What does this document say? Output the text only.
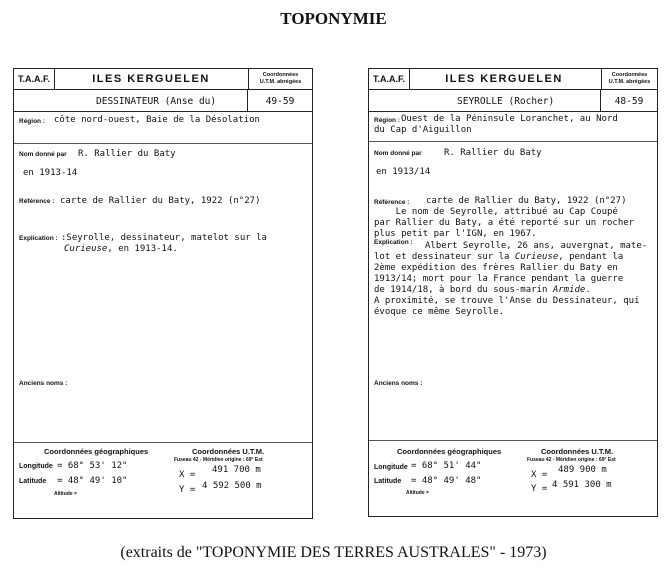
TOPONYMIE
T.A.A.F.	ILES KERGUELEN	Coordonnées
U.T.M. abrégées
DESSINATEUR (Anse du)	49-59
Région : côte nord-ouest, Baie de la Désolation
Nom donné par R. Rallier du Baty
en 1913-14
Référence : carte de Rallier du Baty, 1922 (n°27)
Explication : :Seyrolle, dessinateur, matelot sur la
Curieuse, en 1913-14.
Anciens noms :
Coordonnées géographiques
Longitude = 68° 53' 12"
Latitude = 48° 49' 10"
Altitude =
Coordonnées U.T.M.
Fuseau 42 - Méridien origine : 69° Est
X = 491 700 m
Y = 4 592 500 m
T.A.A.F.	ILES KERGUELEN	Coordonnées
U.T.M. abrégées
SEYROLLE (Rocher)	48-59
Région : Ouest de la Péninsule Loranchet, au Nord
du Cap d'Aiguillon
Nom donné par R. Rallier du Baty
en 1913/14
Référence : carte de Rallier du Baty, 1922 (n°27)
Le nom de Seyrolle, attribué au Cap Coupé
par Rallier du Baty, a été reporté sur un rocher
plus petit par l'IGN, en 1967.
Explication : Albert Seyrolle, 26 ans, auvergnat, mate-
lot et dessinateur sur la Curieuse, pendant la
2ème expédition des frères Rallier du Baty en
1913/14; mort pour la France pendant la guerre
de 1914/18, à bord du sous-marin Armide.
A proximité, se trouve l'Anse du Dessinateur, qui
évoque ce même Seyrolle.
Anciens noms :
Coordonnées géographiques
Longitude = 68° 51' 44"
Latitude = 48° 49' 48"
Altitude =
Coordonnées U.T.M.
Fuseau 42 - Méridien origine : 69° Est
X = 489 900 m
Y = 4 591 300 m
(extraits de "TOPONYMIE DES TERRES AUSTRALES" - 1973)
